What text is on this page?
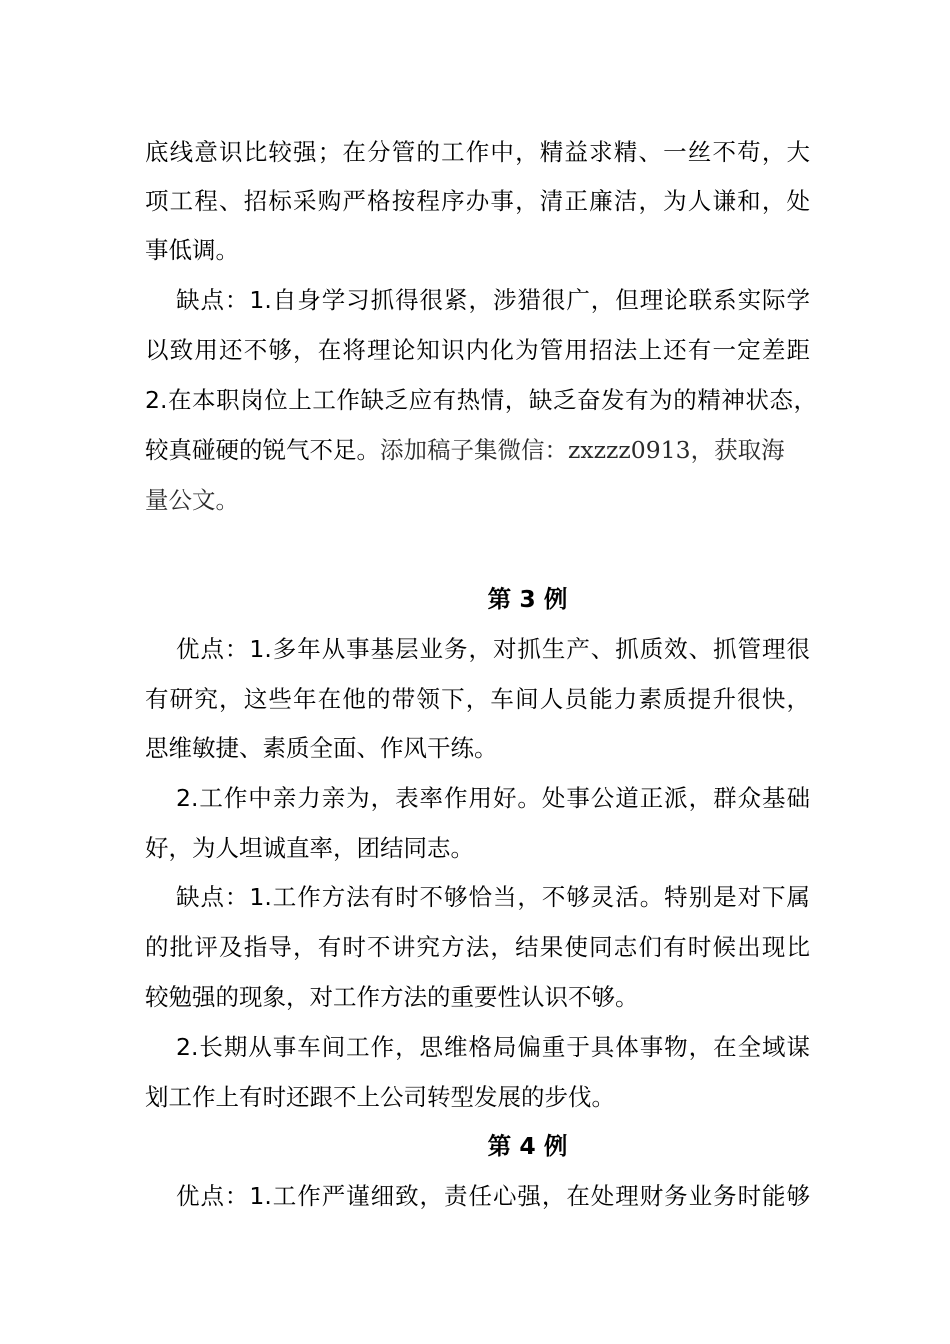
底线意识比较强；在分管的工作中，精益求精、一丝不苟，大
项工程、招标采购严格按程序办事，清正廉洁，为人谦和，处
事低调。
缺点：1.自身学习抓得很紧，涉猎很广，但理论联系实际学
以致用还不够，在将理论知识内化为管用招法上还有一定差距
2.在本职岗位上工作缺乏应有热情，缺乏奋发有为的精神状态，
较真碰硬的锐气不足。添加稿子集微信：zxzzz0913，获取海
量公文。
第 3 例
优点：1.多年从事基层业务，对抓生产、抓质效、抓管理很
有研究，这些年在他的带领下，车间人员能力素质提升很快，
思维敏捷、素质全面、作风干练。
2.工作中亲力亲为，表率作用好。处事公道正派，群众基础
好，为人坦诚直率，团结同志。
缺点：1.工作方法有时不够恰当，不够灵活。特别是对下属
的批评及指导，有时不讲究方法，结果使同志们有时候出现比
较勉强的现象，对工作方法的重要性认识不够。
2.长期从事车间工作，思维格局偏重于具体事物，在全域谋
划工作上有时还跟不上公司转型发展的步伐。
第 4 例
优点：1.工作严谨细致，责任心强，在处理财务业务时能够
